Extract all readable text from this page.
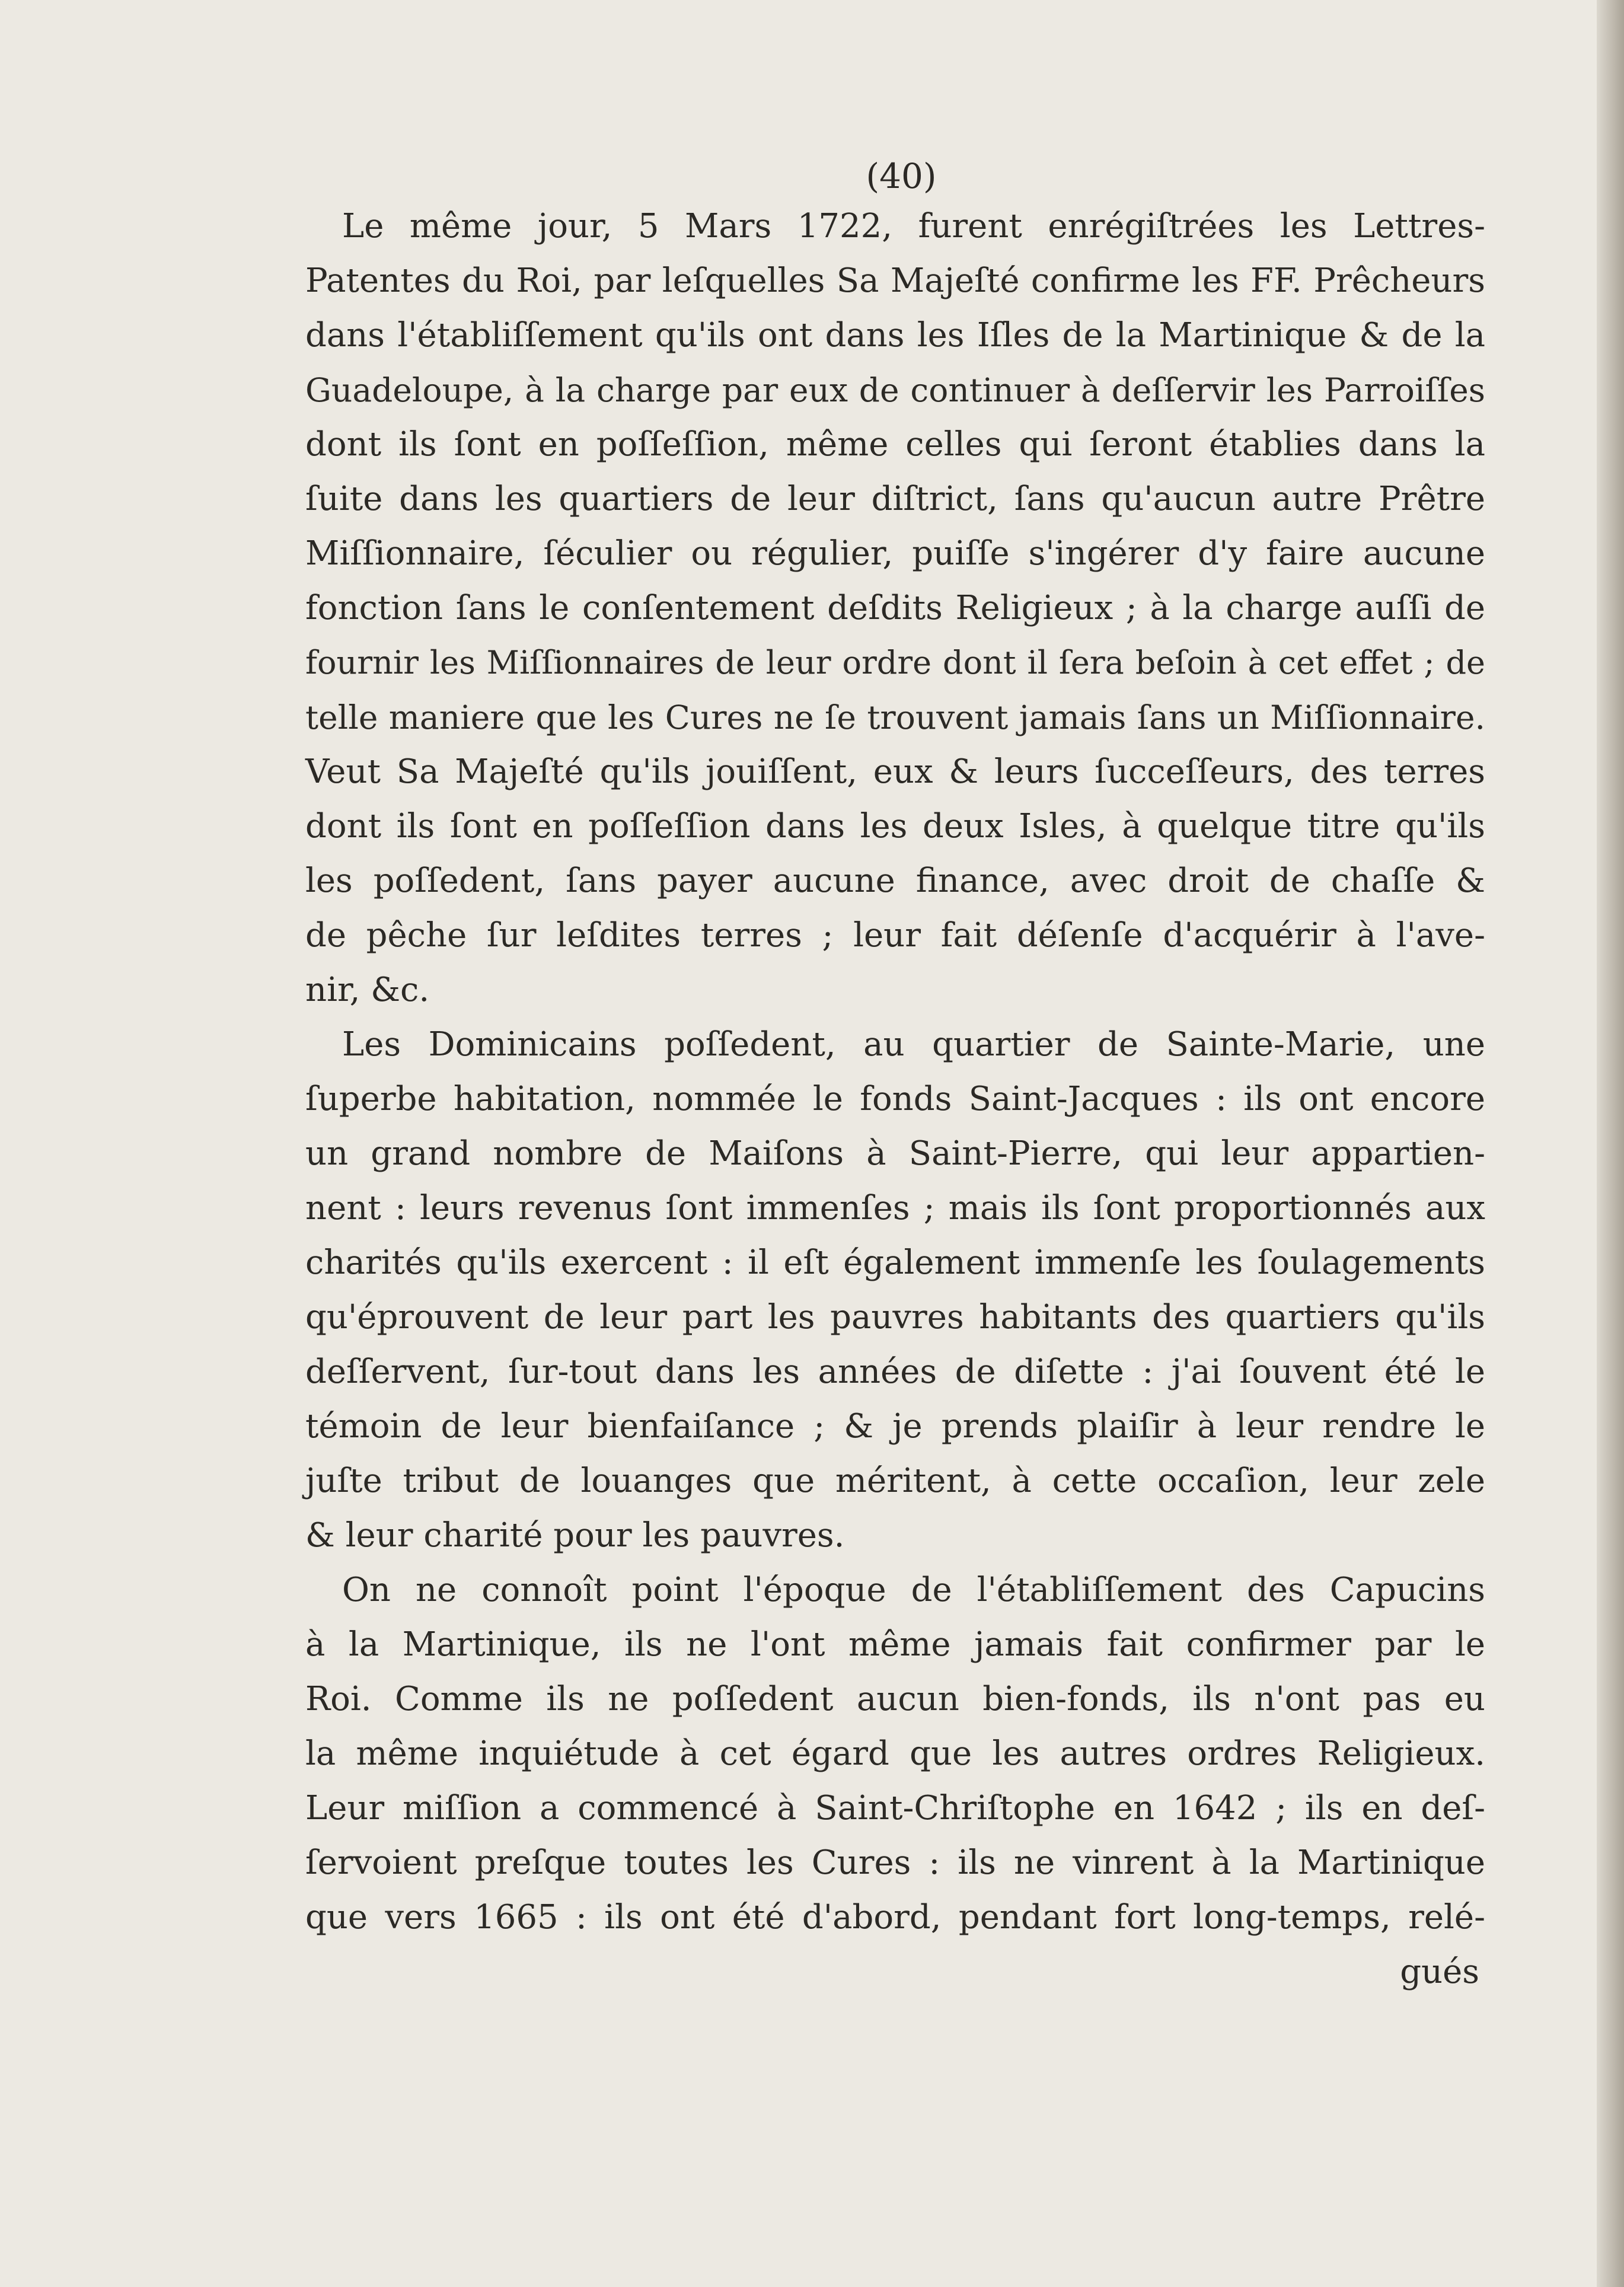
(40)
Le même jour, 5 Mars 1722, furent enrégiſtrées les Lettres-
Patentes du Roi, par leſquelles Sa Majeſté confirme les FF. Prêcheurs
dans l'établiſſement qu'ils ont dans les Iſles de la Martinique & de la
Guadeloupe, à la charge par eux de continuer à deſſervir les Parroiſſes
dont ils ſont en poſſeſſion, même celles qui ſeront établies dans la
ſuite dans les quartiers de leur diſtrict, ſans qu'aucun autre Prêtre
Miſſionnaire, ſéculier ou régulier, puiſſe s'ingérer d'y faire aucune
fonction ſans le conſentement deſdits Religieux ; à la charge auſſi de
fournir les Miſſionnaires de leur ordre dont il ſera beſoin à cet effet ; de
telle maniere que les Cures ne ſe trouvent jamais ſans un Miſſionnaire.
Veut Sa Majeſté qu'ils jouiſſent, eux & leurs ſucceſſeurs, des terres
dont ils ſont en poſſeſſion dans les deux Isles, à quelque titre qu'ils
les poſſedent, ſans payer aucune finance, avec droit de chaſſe &
de pêche ſur leſdites terres ; leur fait déſenſe d'acquérir à l'ave-
nir, &c.
Les Dominicains poſſedent, au quartier de Sainte-Marie, une
ſuperbe habitation, nommée le fonds Saint-Jacques : ils ont encore
un grand nombre de Maiſons à Saint-Pierre, qui leur appartien-
nent : leurs revenus ſont immenſes ; mais ils ſont proportionnés aux
charités qu'ils exercent : il eſt également immenſe les ſoulagements
qu'éprouvent de leur part les pauvres habitants des quartiers qu'ils
deſſervent, ſur-tout dans les années de diſette : j'ai ſouvent été le
témoin de leur bienfaiſance ; & je prends plaiſir à leur rendre le
juſte tribut de louanges que méritent, à cette occaſion, leur zele
& leur charité pour les pauvres.
On ne connoît point l'époque de l'établiſſement des Capucins
à la Martinique, ils ne l'ont même jamais fait confirmer par le
Roi. Comme ils ne poſſedent aucun bien-fonds, ils n'ont pas eu
la même inquiétude à cet égard que les autres ordres Religieux.
Leur miſſion a commencé à Saint-Chriſtophe en 1642 ; ils en deſ-
ſervoient preſque toutes les Cures : ils ne vinrent à la Martinique
que vers 1665 : ils ont été d'abord, pendant fort long-temps, relé-
gués
